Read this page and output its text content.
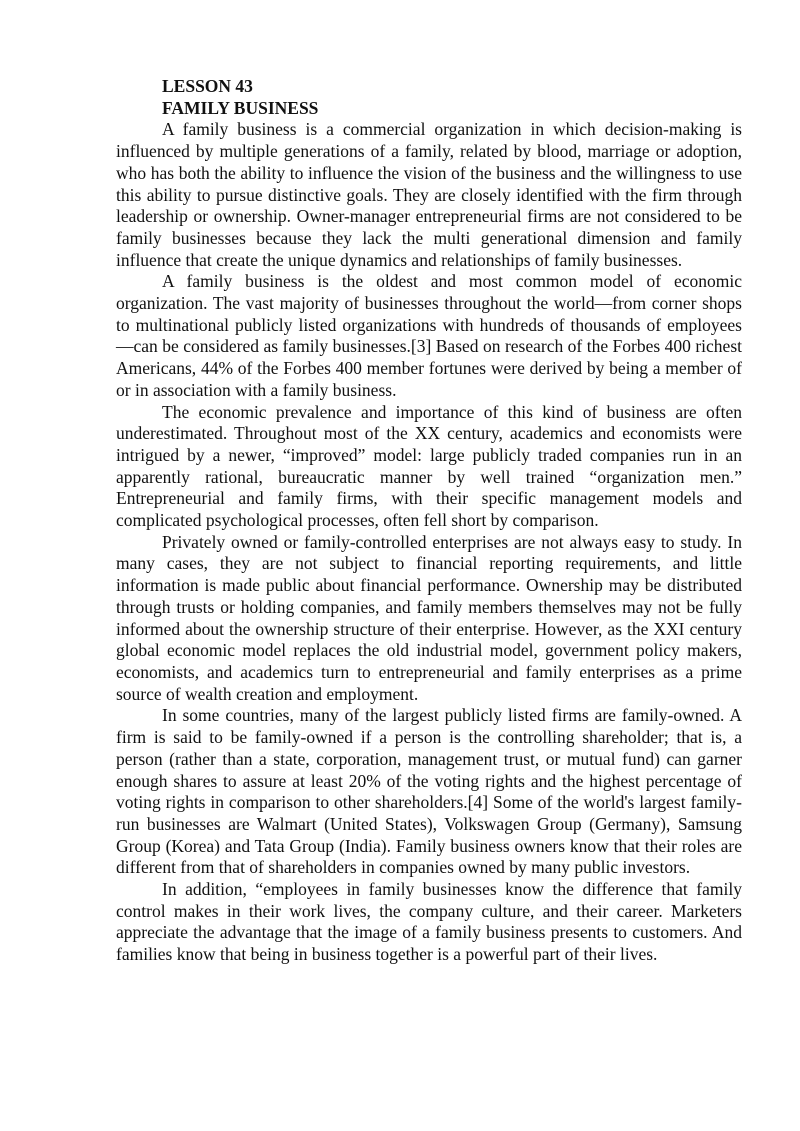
LESSON 43
FAMILY BUSINESS

A family business is a commercial organization in which decision-making is influenced by multiple generations of a family, related by blood, marriage or adoption, who has both the ability to influence the vision of the business and the willingness to use this ability to pursue distinctive goals. They are closely identified with the firm through leadership or ownership. Owner-manager entrepreneurial firms are not considered to be family businesses because they lack the multi generational dimension and family influence that create the unique dynamics and relationships of family businesses.

A family business is the oldest and most common model of economic organization. The vast majority of businesses throughout the world—from corner shops to multinational publicly listed organizations with hundreds of thousands of employees—can be considered as family businesses.[3] Based on research of the Forbes 400 richest Americans, 44% of the Forbes 400 member fortunes were derived by being a member of or in association with a family business.

The economic prevalence and importance of this kind of business are often underestimated. Throughout most of the XX century, academics and economists were intrigued by a newer, “improved” model: large publicly traded companies run in an apparently rational, bureaucratic manner by well trained “organization men.” Entrepreneurial and family firms, with their specific management models and complicated psychological processes, often fell short by comparison.

Privately owned or family-controlled enterprises are not always easy to study. In many cases, they are not subject to financial reporting requirements, and little information is made public about financial performance. Ownership may be distributed through trusts or holding companies, and family members themselves may not be fully informed about the ownership structure of their enterprise. However, as the XXI century global economic model replaces the old industrial model, government policy makers, economists, and academics turn to entrepreneurial and family enterprises as a prime source of wealth creation and employment.

In some countries, many of the largest publicly listed firms are family-owned. A firm is said to be family-owned if a person is the controlling shareholder; that is, a person (rather than a state, corporation, management trust, or mutual fund) can garner enough shares to assure at least 20% of the voting rights and the highest percentage of voting rights in comparison to other shareholders.[4] Some of the world's largest family-run businesses are Walmart (United States), Volkswagen Group (Germany), Samsung Group (Korea) and Tata Group (India). Family business owners know that their roles are different from that of shareholders in companies owned by many public investors.

In addition, “employees in family businesses know the difference that family control makes in their work lives, the company culture, and their career. Marketers appreciate the advantage that the image of a family business presents to customers. And families know that being in business together is a powerful part of their lives.
